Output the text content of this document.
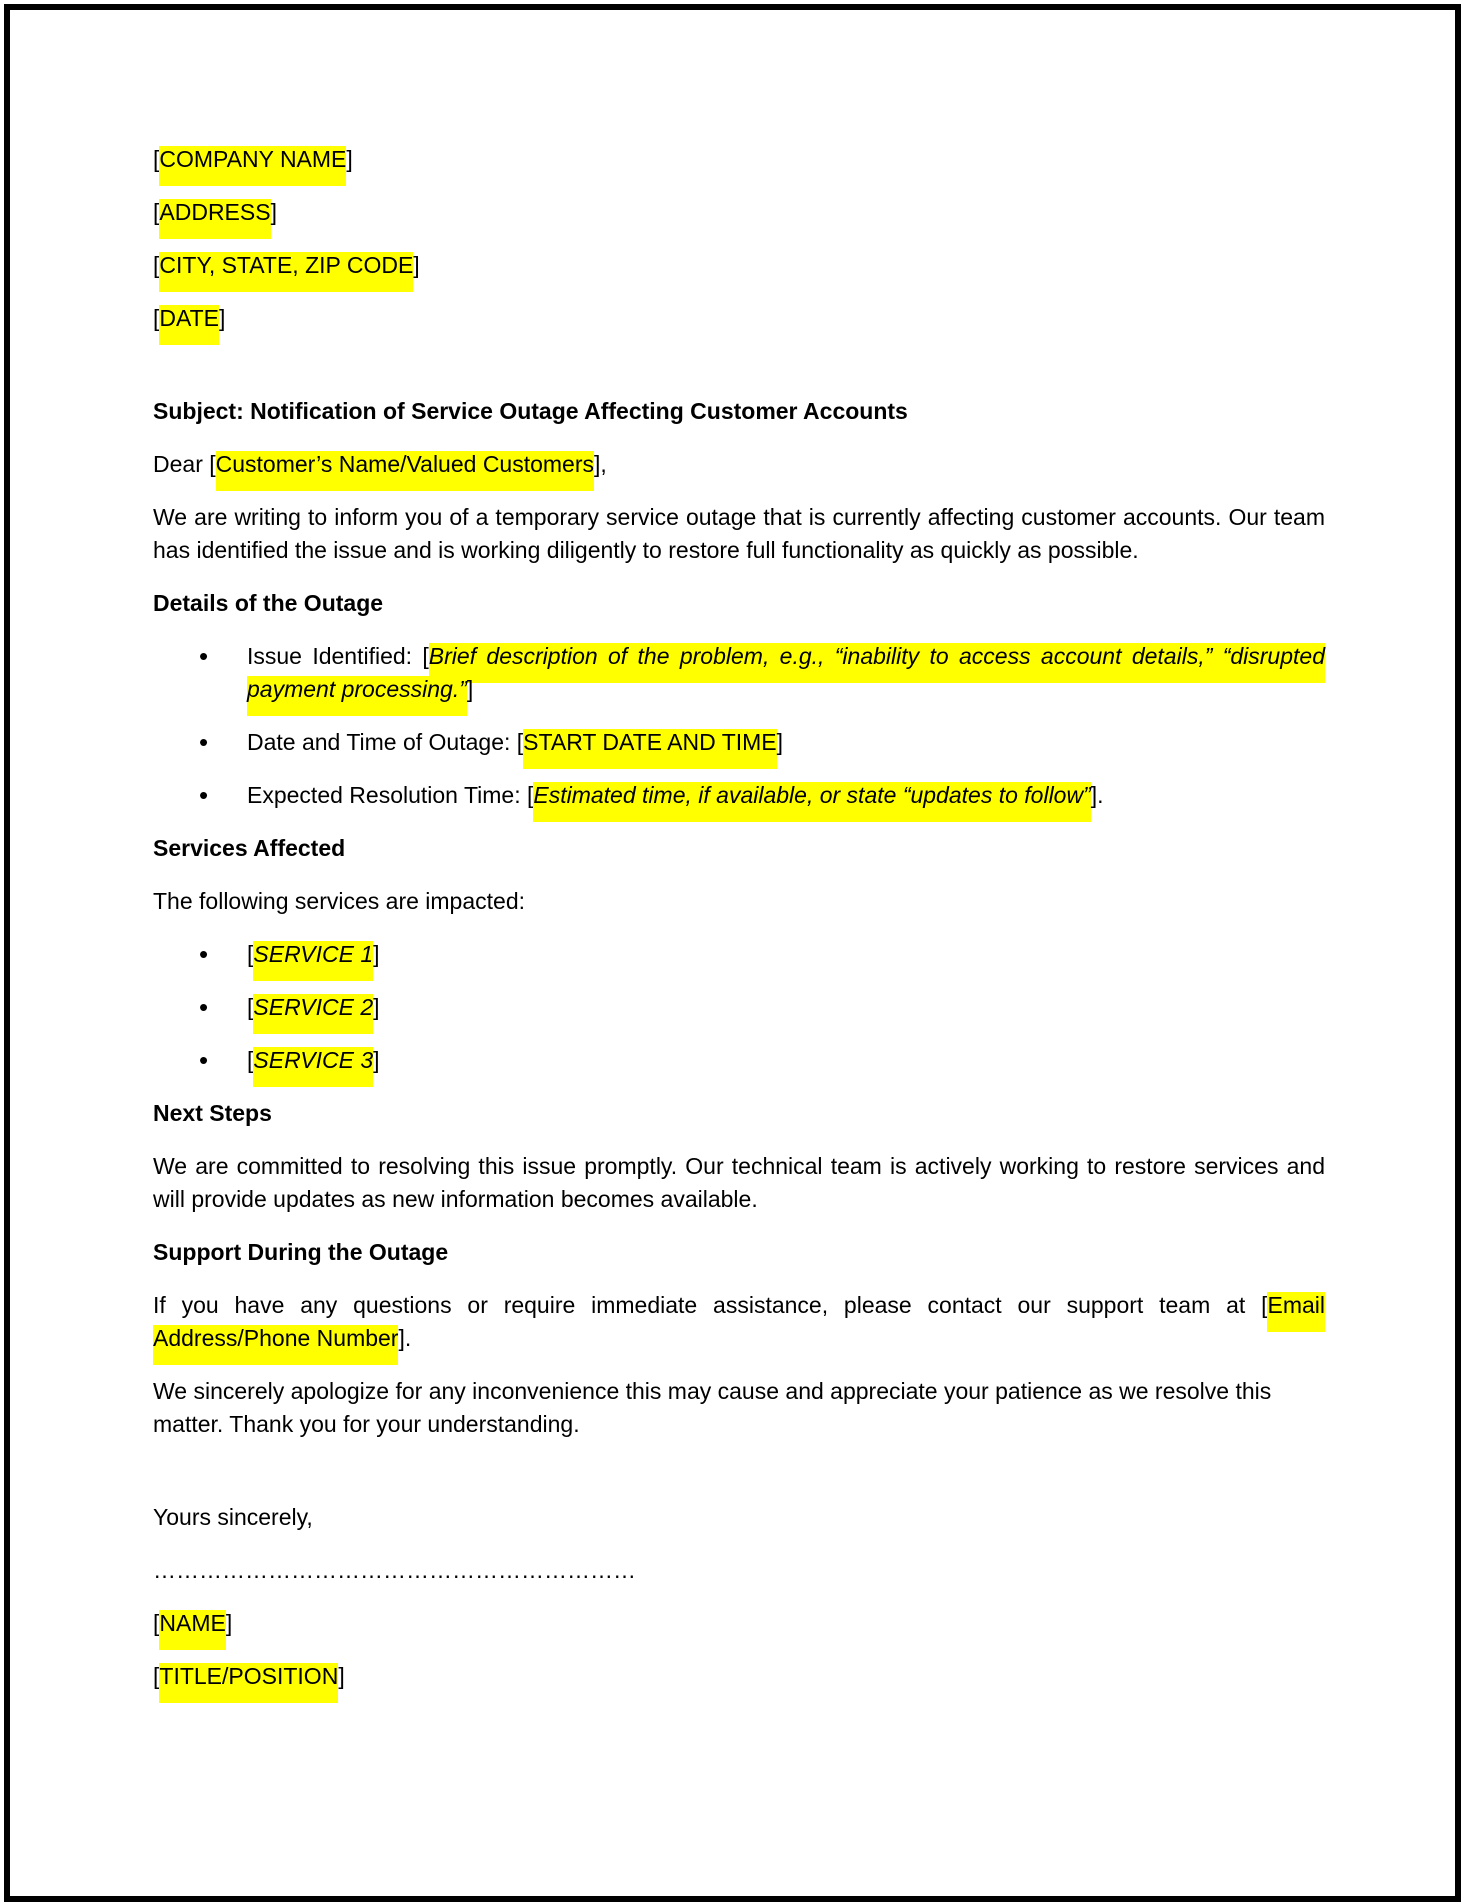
[COMPANY NAME]

[ADDRESS]

[CITY, STATE, ZIP CODE]

[DATE]

Subject: Notification of Service Outage Affecting Customer Accounts

Dear [Customer’s Name/Valued Customers],

We are writing to inform you of a temporary service outage that is currently affecting customer accounts. Our team has identified the issue and is working diligently to restore full functionality as quickly as possible.

Details of the Outage

• Issue Identified: [Brief description of the problem, e.g., “inability to access account details,” “disrupted payment processing.”]
• Date and Time of Outage: [START DATE AND TIME]
• Expected Resolution Time: [Estimated time, if available, or state “updates to follow”].

Services Affected

The following services are impacted:

• [SERVICE 1]
• [SERVICE 2]
• [SERVICE 3]

Next Steps

We are committed to resolving this issue promptly. Our technical team is actively working to restore services and will provide updates as new information becomes available.

Support During the Outage

If you have any questions or require immediate assistance, please contact our support team at [Email Address/Phone Number].

We sincerely apologize for any inconvenience this may cause and appreciate your patience as we resolve this matter. Thank you for your understanding.

Yours sincerely,

………………………………………………………

[NAME]

[TITLE/POSITION]
